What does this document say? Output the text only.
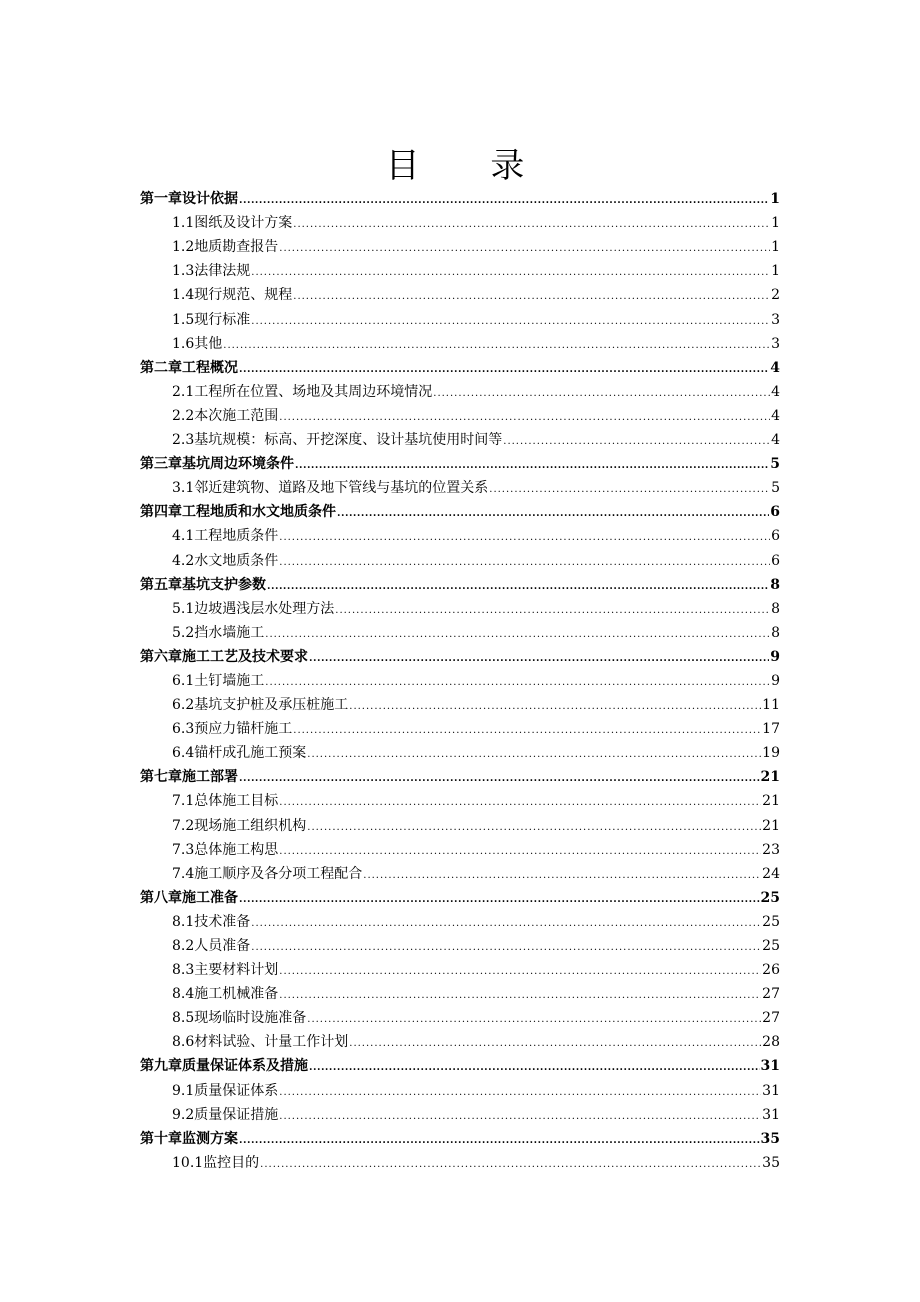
目 录
第一章 设计依据 .....	1
1.1 图纸及设计方案 .....	1
1.2 地质勘查报告 .....	1
1.3 法律法规 .....	1
1.4 现行规范、规程 .....	2
1.5 现行标准 .....	3
1.6 其他 .....	3
第二章 工程概况 .....	4
2.1 工程所在位置、场地及其周边环境情况 .....	4
2.2 本次施工范围 .....	4
2.3 基坑规模：标高、开挖深度、设计基坑使用时间等 .....	4
第三章 基坑周边环境条件 .....	5
3.1 邻近建筑物、道路及地下管线与基坑的位置关系 .....	5
第四章 工程地质和水文地质条件 .....	6
4.1 工程地质条件 .....	6
4.2 水文地质条件 .....	6
第五章 基坑支护参数 .....	8
5.1 边坡遇浅层水处理方法 .....	8
5.2 挡水墙施工 .....	8
第六章 施工工艺及技术要求 .....	9
6.1 土钉墙施工 .....	9
6.2 基坑支护桩及承压桩施工 .....	11
6.3 预应力锚杆施工 .....	17
6.4 锚杆成孔施工预案 .....	19
第七章 施工部署 .....	21
7.1 总体施工目标 .....	21
7.2 现场施工组织机构 .....	21
7.3 总体施工构思 .....	23
7.4 施工顺序及各分项工程配合 .....	24
第八章 施工准备 .....	25
8.1 技术准备 .....	25
8.2 人员准备 .....	25
8.3 主要材料计划 .....	26
8.4 施工机械准备 .....	27
8.5 现场临时设施准备 .....	27
8.6 材料试验、计量工作计划 .....	28
第九章 质量保证体系及措施 .....	31
9.1 质量保证体系 .....	31
9.2 质量保证措施 .....	31
第十章 监测方案 .....	35
10.1 监控目的 .....	35
